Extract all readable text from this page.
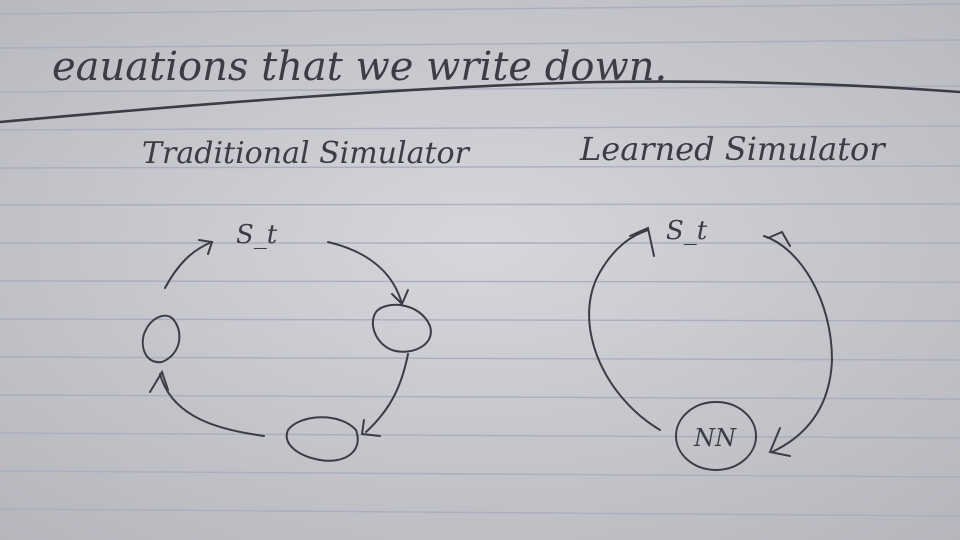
eauations that we write down.
Traditional Simulator
S_t
Learned Simulator
S_t
NN
